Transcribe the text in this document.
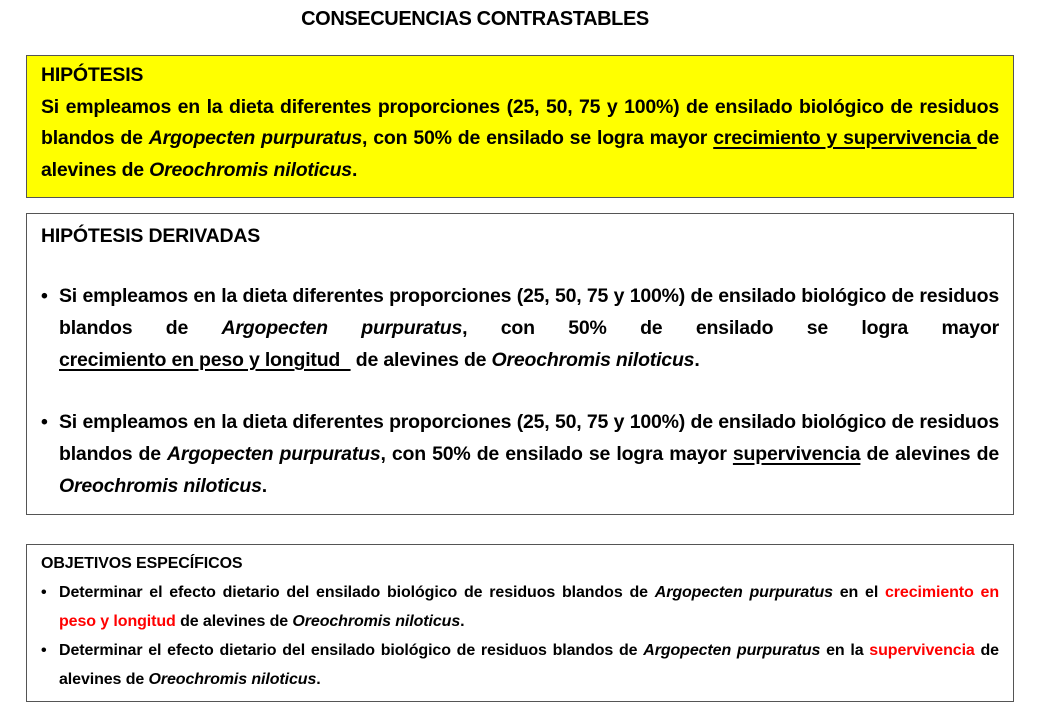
CONSECUENCIAS CONTRASTABLES
HIPÓTESIS
Si empleamos en la dieta diferentes proporciones (25, 50, 75 y 100%) de ensilado biológico de residuos blandos de Argopecten purpuratus, con 50% de ensilado se logra mayor crecimiento y supervivencia de alevines de Oreochromis niloticus.
HIPÓTESIS DERIVADAS
• Si empleamos en la dieta diferentes proporciones (25, 50, 75 y 100%) de ensilado biológico de residuos blandos de Argopecten purpuratus, con 50% de ensilado se logra mayor crecimiento en peso y longitud   de alevines de Oreochromis niloticus.
• Si empleamos en la dieta diferentes proporciones (25, 50, 75 y 100%) de ensilado biológico de residuos blandos de Argopecten purpuratus, con 50% de ensilado se logra mayor supervivencia de alevines de Oreochromis niloticus.
OBJETIVOS ESPECÍFICOS
• Determinar el efecto dietario del ensilado biológico de residuos blandos de Argopecten purpuratus en el crecimiento en peso y longitud de alevines de Oreochromis niloticus.
• Determinar el efecto dietario del ensilado biológico de residuos blandos de Argopecten purpuratus en la supervivencia de alevines de Oreochromis niloticus.
